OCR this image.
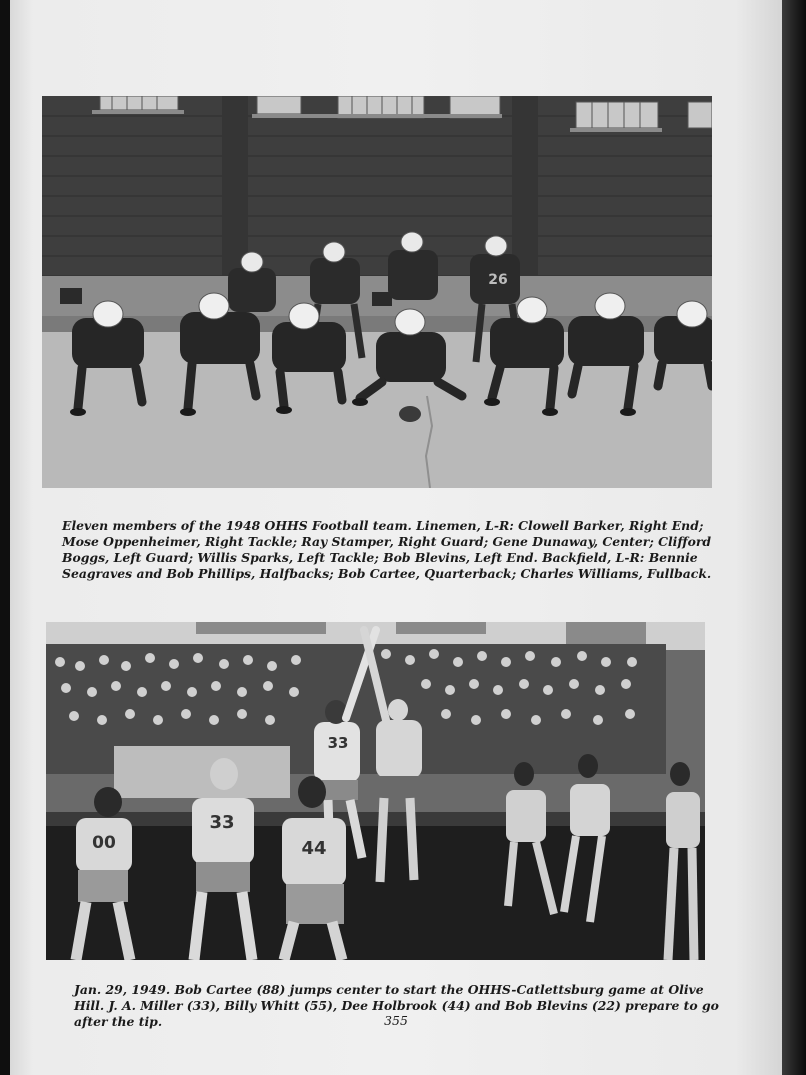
26

Eleven members of the 1948 OHHS Football team. Linemen, L-R: Clowell Barker, Right End; Mose Oppenheimer, Right Tackle; Ray Stamper, Right Guard; Gene Dunaway, Center; Clifford Boggs, Left Guard; Willis Sparks, Left Tackle; Bob Blevins, Left End. Backfield, L-R: Bennie Seagraves and Bob Phillips, Halfbacks; Bob Cartee, Quarterback; Charles Williams, Fullback.

33
00
33
44

Jan. 29, 1949. Bob Cartee (88) jumps center to start the OHHS-Catlettsburg game at Olive Hill. J. A. Miller (33), Billy Whitt (55), Dee Holbrook (44) and Bob Blevins (22) prepare to go after the tip.	355
